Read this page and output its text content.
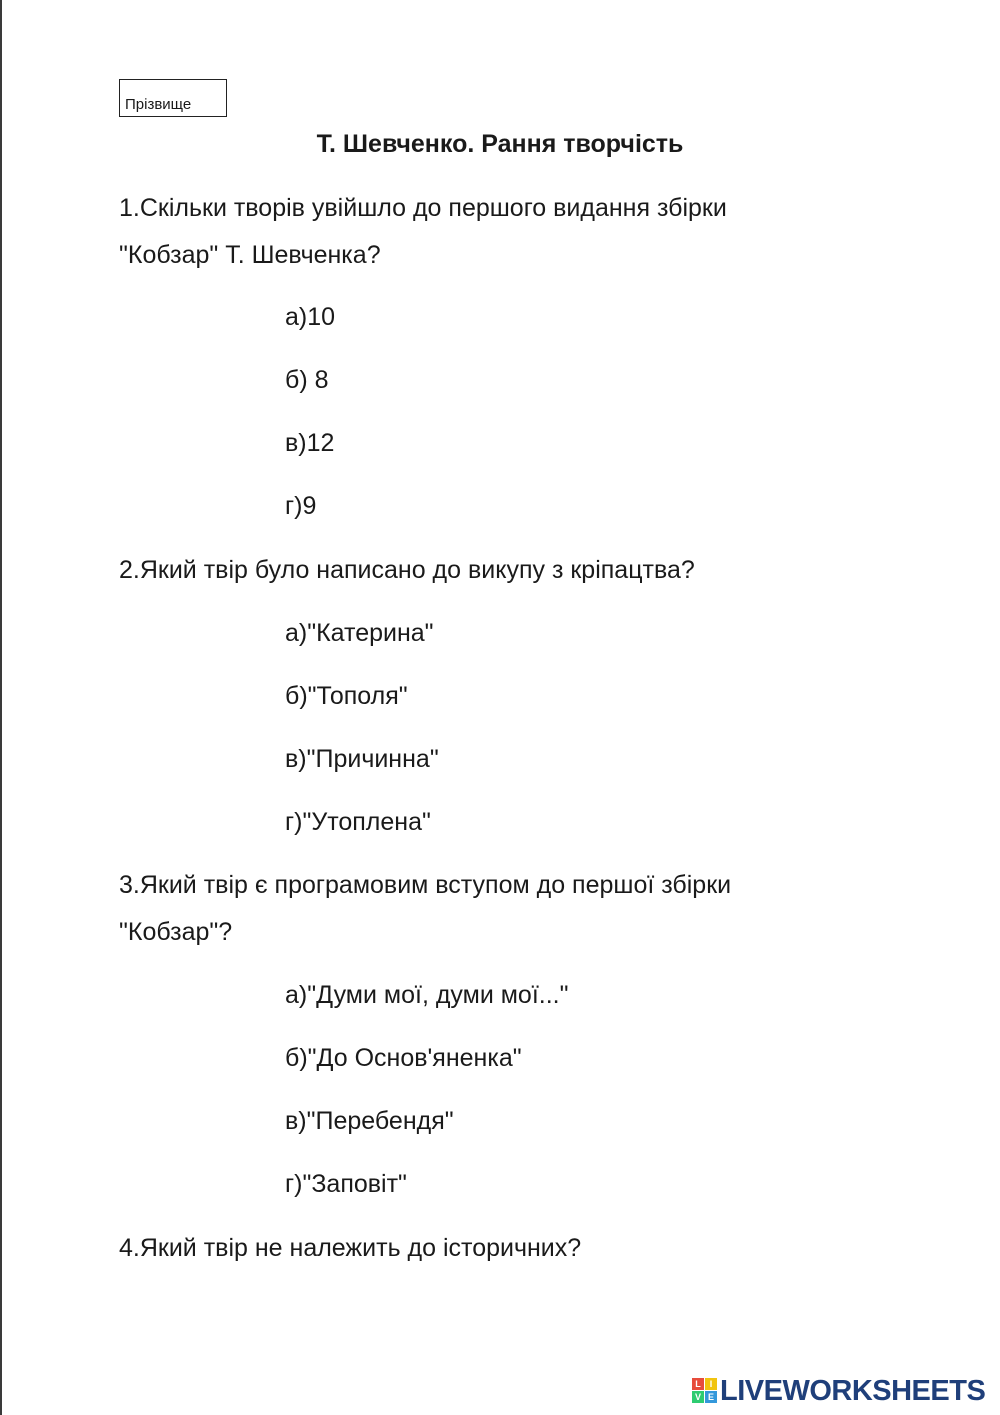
Прізвище
Т. Шевченко. Рання творчість
1.Скільки творів увійшло до першого видання збірки
"Кобзар" Т. Шевченка?
а)10
б) 8
в)12
г)9
2.Який твір було написано до викупу з кріпацтва?
а)"Катерина"
б)"Тополя"
в)"Причинна"
г)"Утоплена"
3.Який твір є програмовим вступом до першої збірки
"Кобзар"?
а)"Думи мої, думи мої..."
б)"До Основ'яненка"
в)"Перебендя"
г)"Заповіт"
4.Який твір не належить до історичних?
L I
V E LIVEWORKSHEETS
